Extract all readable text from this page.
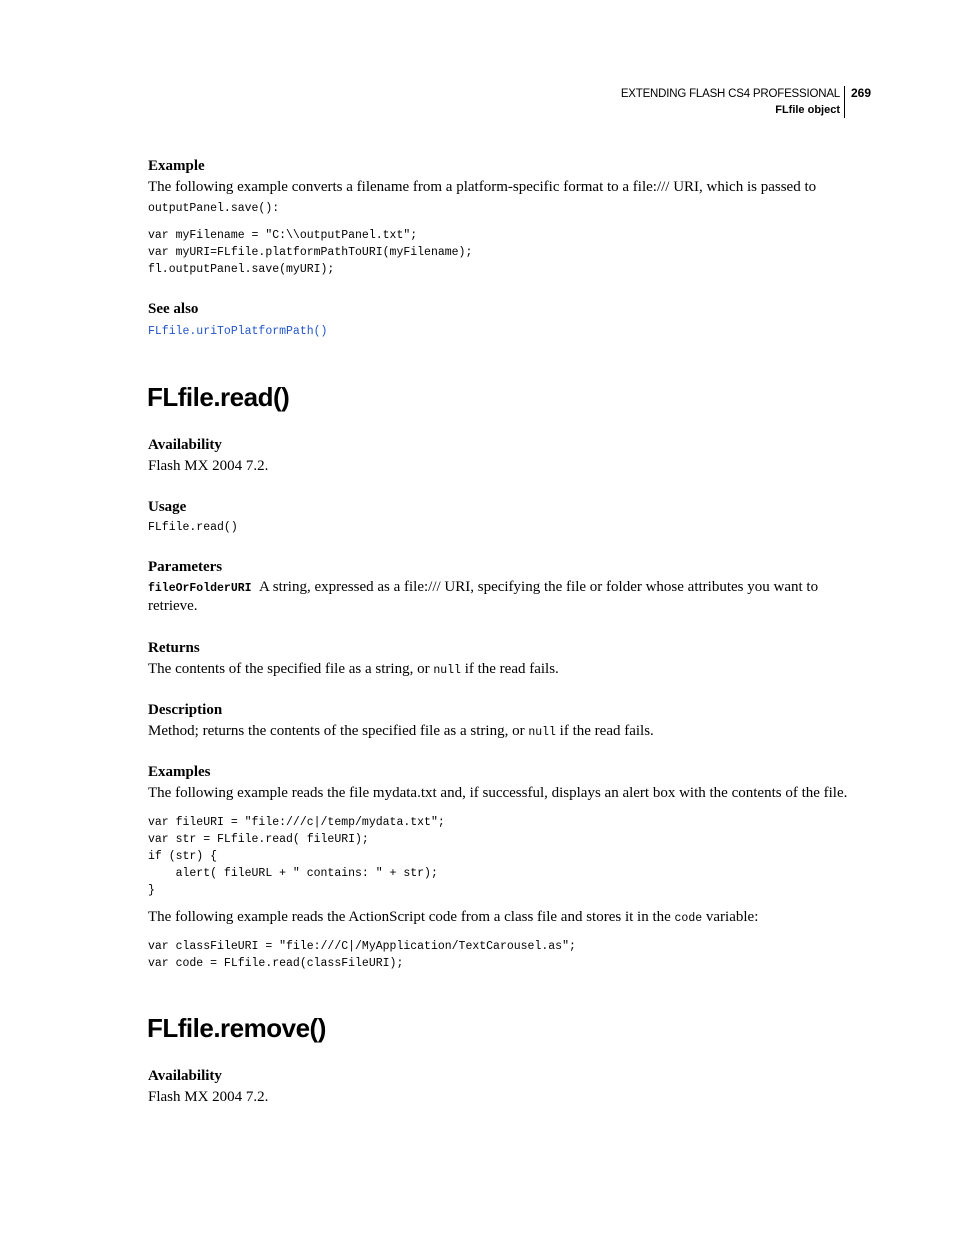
EXTENDING FLASH CS4 PROFESSIONAL
FLfile object
269
Example
The following example converts a filename from a platform-specific format to a file:/// URI, which is passed to
outputPanel.save():
var myFilename = "C:\\outputPanel.txt";
var myURI=FLfile.platformPathToURI(myFilename);
fl.outputPanel.save(myURI);
See also
FLfile.uriToPlatformPath()
FLfile.read()
Availability
Flash MX 2004 7.2.
Usage
FLfile.read()
Parameters
fileOrFolderURI A string, expressed as a file:/// URI, specifying the file or folder whose attributes you want to
retrieve.
Returns
The contents of the specified file as a string, or null if the read fails.
Description
Method; returns the contents of the specified file as a string, or null if the read fails.
Examples
The following example reads the file mydata.txt and, if successful, displays an alert box with the contents of the file.
var fileURI = "file:///c|/temp/mydata.txt";
var str = FLfile.read( fileURI);
if (str) {
alert( fileURL + " contains: " + str);
}
The following example reads the ActionScript code from a class file and stores it in the code variable:
var classFileURI = "file:///C|/MyApplication/TextCarousel.as";
var code = FLfile.read(classFileURI);
FLfile.remove()
Availability
Flash MX 2004 7.2.
